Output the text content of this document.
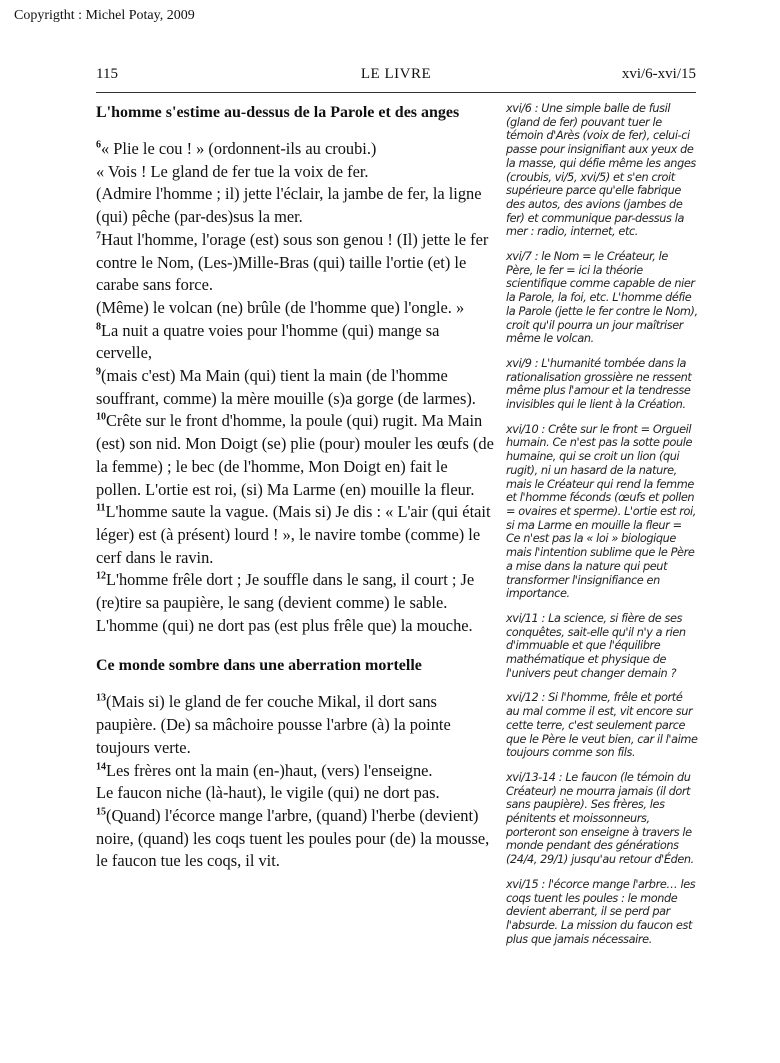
Copyrigtht : Michel Potay, 2009
LE LIVRE
115	xvi/6-xvi/15
L'homme s'estime au-dessus de la Parole et des anges

$^6$« Plie le cou ! » (ordonnent-ils au croubi.)

« Vois ! Le gland de fer tue la voix de fer.

(Admire l'homme ; il) jette l'éclair, la jambe de fer, la ligne (qui) pêche (par-des)sus la mer.

$^7$Haut l'homme, l'orage (est) sous son genou ! (Il) jette le fer contre le Nom, (Les-)Mille-Bras (qui) taille l'ortie (et) le carabe sans force.

(Même) le volcan (ne) brûle (de l'homme que) l'ongle. »

$^8$La nuit a quatre voies pour l'homme (qui) mange sa cervelle,

$^9$(mais c'est) Ma Main (qui) tient la main (de l'homme souffrant, comme) la mère mouille (s)a gorge (de larmes).

$^{10}$Crête sur le front d'homme, la poule (qui) rugit. Ma Main (est) son nid. Mon Doigt (se) plie (pour) mouler les œufs (de la femme) ; le bec (de l'homme, Mon Doigt en) fait le pollen. L'ortie est roi, (si) Ma Larme (en) mouille la fleur.

$^{11}$L'homme saute la vague. (Mais si) Je dis : « L'air (qui était léger) est (à présent) lourd ! », le navire tombe (comme) le cerf dans le ravin.

$^{12}$L'homme frêle dort ; Je souffle dans le sang, il court ; Je (re)tire sa paupière, le sang (devient comme) le sable. L'homme (qui) ne dort pas (est plus frêle que) la mouche.

Ce monde sombre dans une aberration mortelle

$^{13}$(Mais si) le gland de fer couche Mikal, il dort sans paupière. (De) sa mâchoire pousse l'arbre (à) la pointe toujours verte.

$^{14}$Les frères ont la main (en-)haut, (vers) l'enseigne.

Le faucon niche (là-haut), le vigile (qui) ne dort pas.

$^{15}$(Quand) l'écorce mange l'arbre, (quand) l'herbe (devient) noire, (quand) les coqs tuent les poules pour (de) la mousse, le faucon tue les coqs, il vit.

xvi/6 : Une simple balle de fusil (gland de fer) pouvant tuer le témoin d'Arès (voix de fer), celui-ci passe pour insignifiant aux yeux de la masse, qui défie même les anges (croubis, vi/5, xvi/5) et s'en croit supérieure parce qu'elle fabrique des autos, des avions (jambes de fer) et communique par-dessus la mer : radio, internet, etc.

xvi/7 : le Nom = le Créateur, le Père, le fer = ici la théorie scientifique comme capable de nier la Parole, la foi, etc. L'homme défie la Parole (jette le fer contre le Nom), croit qu'il pourra un jour maîtriser même le volcan.

xvi/9 : L'humanité tombée dans la rationalisation grossière ne ressent même plus l'amour et la tendresse invisibles qui le lient à la Création.

xvi/10 : Crête sur le front = Orgueil humain. Ce n'est pas la sotte poule humaine, qui se croit un lion (qui rugit), ni un hasard de la nature, mais le Créateur qui rend la femme et l'homme féconds (œufs et pollen = ovaires et sperme). L'ortie est roi, si ma Larme en mouille la fleur = Ce n'est pas la « loi » biologique mais l'intention sublime que le Père a mise dans la nature qui peut transformer l'insignifiance en importance.

xvi/11 : La science, si fière de ses conquêtes, sait-elle qu'il n'y a rien d'immuable et que l'équilibre mathématique et physique de l'univers peut changer demain ?

xvi/12 : Si l'homme, frêle et porté au mal comme il est, vit encore sur cette terre, c'est seulement parce que le Père le veut bien, car il l'aime toujours comme son fils.

xvi/13-14 : Le faucon (le témoin du Créateur) ne mourra jamais (il dort sans paupière). Ses frères, les pénitents et moissonneurs, porteront son enseigne à travers le monde pendant des générations (24/4, 29/1) jusqu'au retour d'Éden.

xvi/15 : l'écorce mange l'arbre… les coqs tuent les poules : le monde devient aberrant, il se perd par l'absurde. La mission du faucon est plus que jamais nécessaire.
